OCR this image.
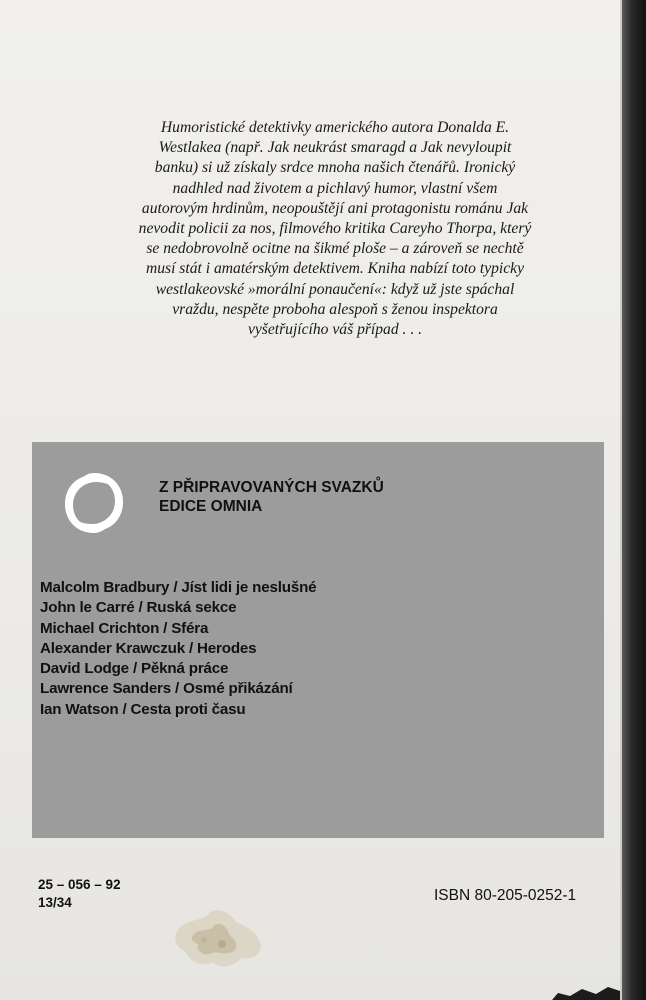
Humoristické detektivky amerického autora Donalda E.
Westlakea (např. Jak neukrást smaragd a Jak nevyloupit
banku) si už získaly srdce mnoha našich čtenářů. Ironický
nadhled nad životem a pichlavý humor, vlastní všem
autorovým hrdinům, neopouštějí ani protagonistu románu Jak
nevodit policii za nos, filmového kritika Careyho Thorpa, který
se nedobrovolně ocitne na šikmé ploše – a zároveň se nechtě
musí stát i amatérským detektivem. Kniha nabízí toto typicky
westlakeovské »morální ponaučení«: když už jste spáchal
vraždu, nespěte proboha alespoň s ženou inspektora
vyšetřujícího váš případ . . .
Z PŘIPRAVOVANÝCH SVAZKŮ
EDICE OMNIA
Malcolm Bradbury / Jíst lidi je neslušné
John le Carré / Ruská sekce
Michael Crichton / Sféra
Alexander Krawczuk / Herodes
David Lodge / Pěkná práce
Lawrence Sanders / Osmé přikázání
Ian Watson / Cesta proti času
25 – 056 – 92
13/34	ISBN 80-205-0252-1
